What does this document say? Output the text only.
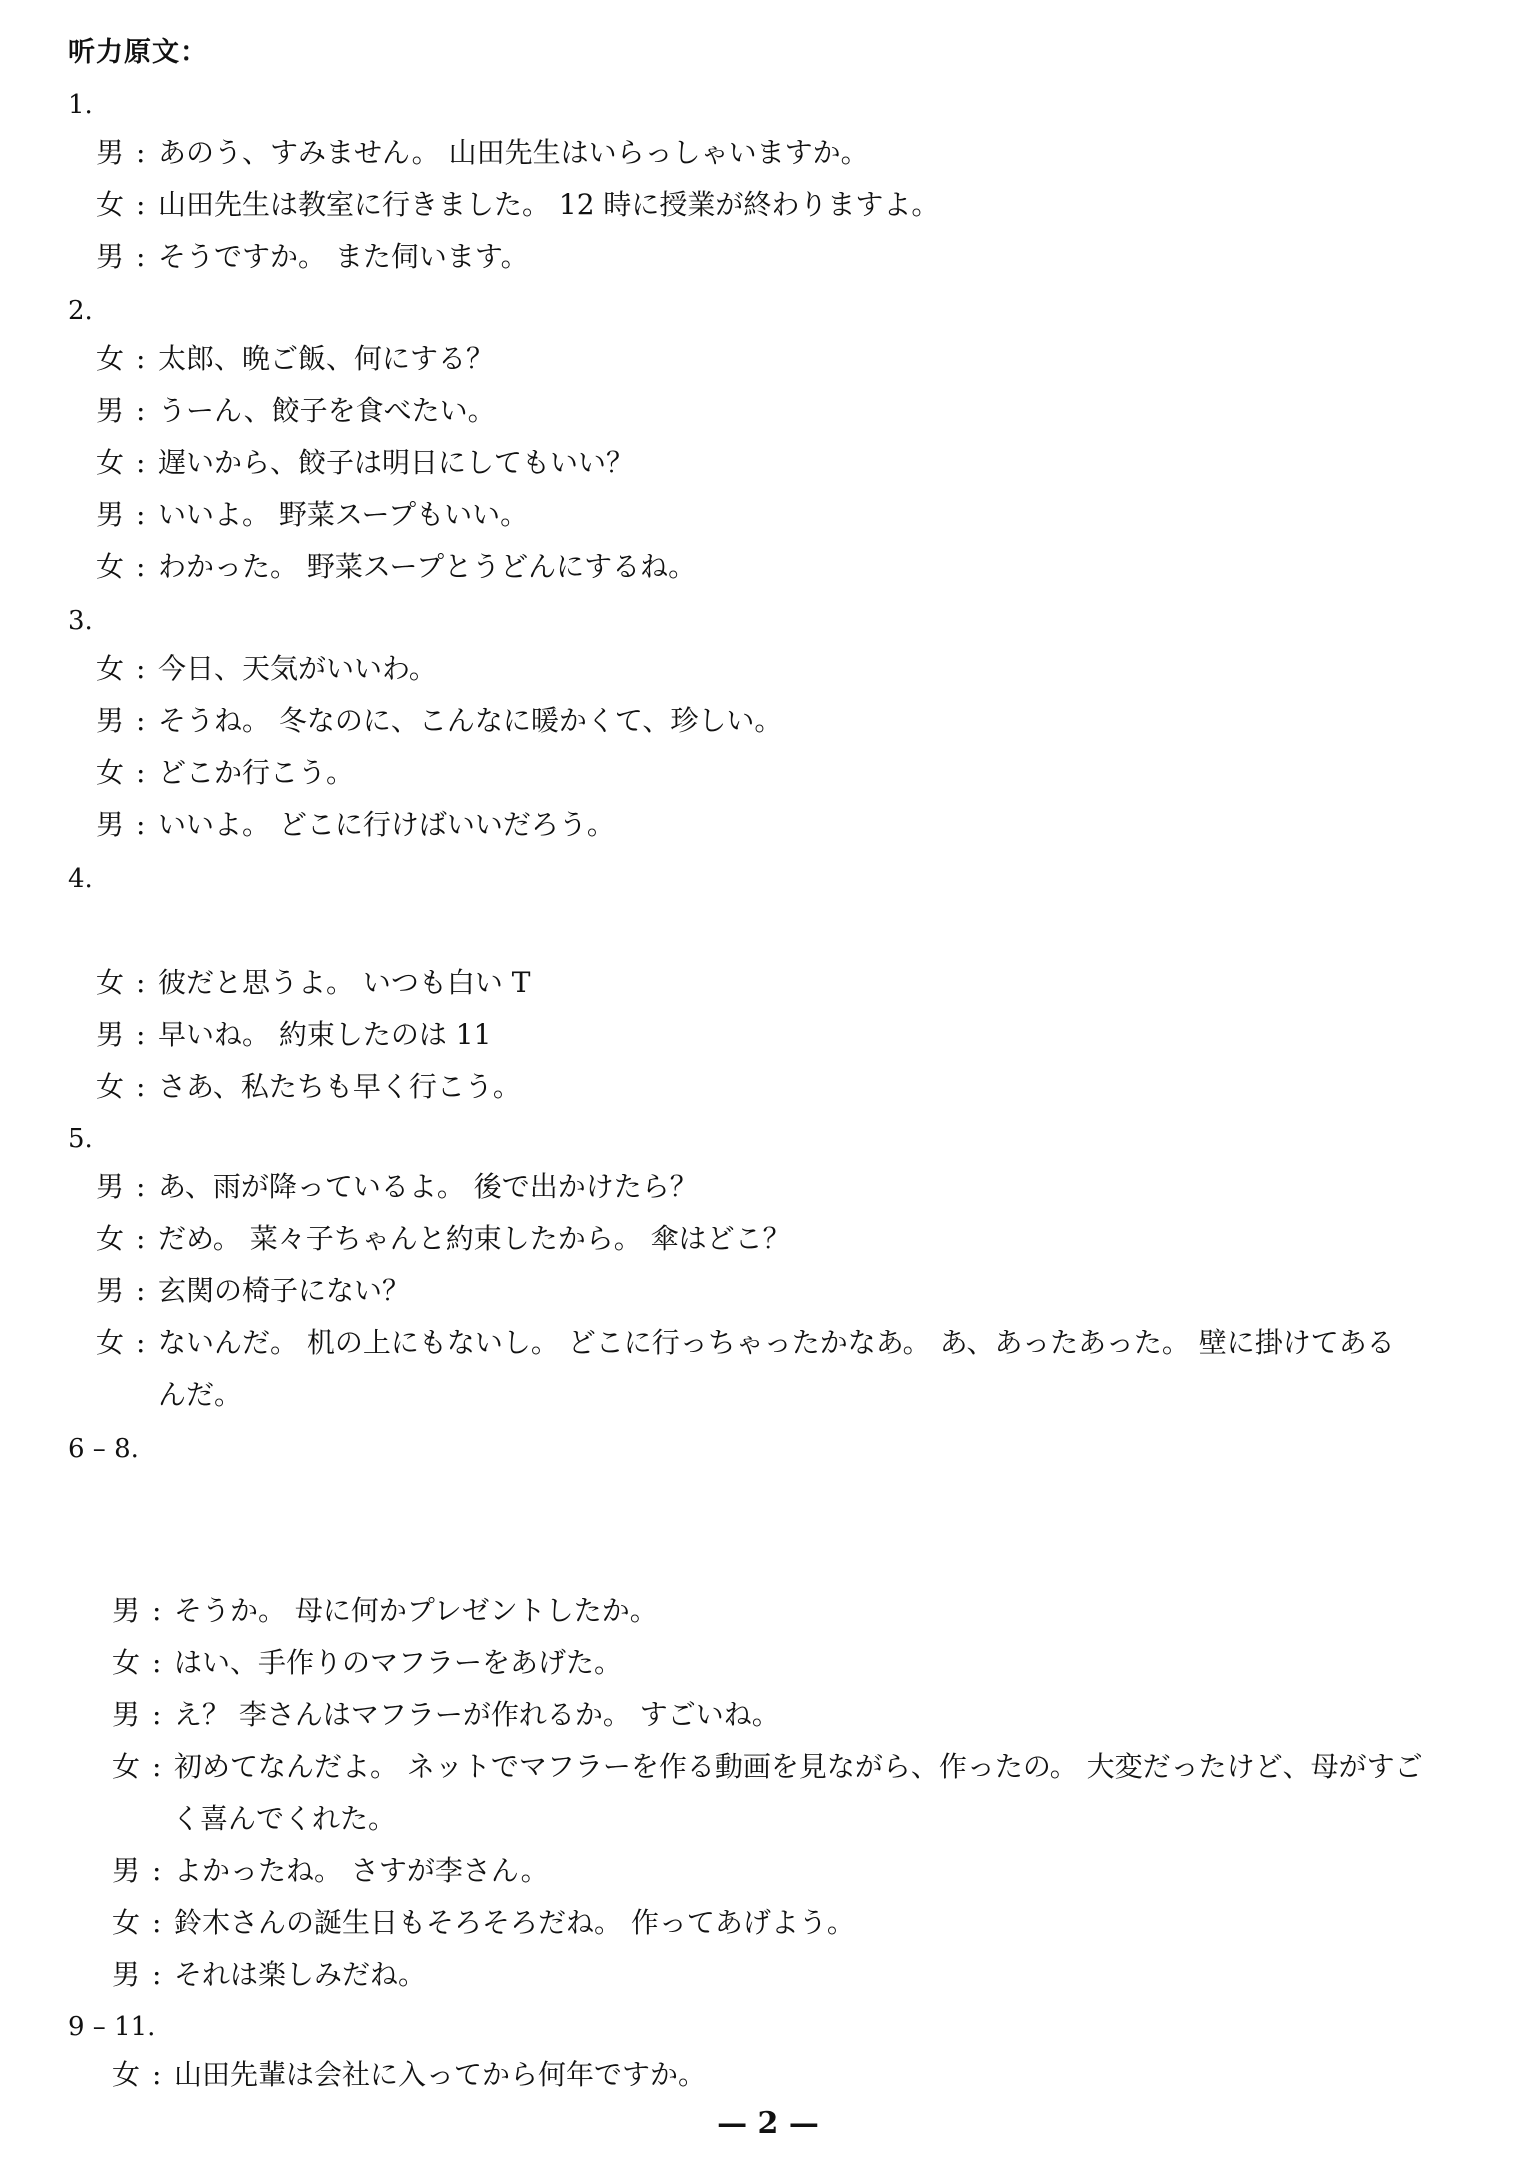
听力原文：
1.
男 : あのう、すみません。 山田先生はいらっしゃいますか。
女 : 山田先生は教室に行きました。 12 時に授業が終わりますよ。
男 : そうですか。 また伺います。
2.
女 : 太郎、晩ご飯、何にする？
男 : うーん、餃子を食べたい。
女 : 遅いから、餃子は明日にしてもいい？
男 : いいよ。 野菜スープもいい。
女 : わかった。 野菜スープとうどんにするね。
3.
女 : 今日、天気がいいわ。
男 : そうね。 冬なのに、こんなに暖かくて、珍しい。
女 : どこか行こう。
男 : いいよ。 どこに行けばいいだろう。
4.
女 : 彼だと思うよ。 いつも白い T
男 : 早いね。 約束したのは 11
女 : さあ、私たちも早く行こう。
5.
男 : あ、雨が降っているよ。 後で出かけたら？
女 : だめ。 菜々子ちゃんと約束したから。 傘はどこ？
男 : 玄関の椅子にない？
女 : ないんだ。 机の上にもないし。 どこに行っちゃったかなあ。 あ、あったあった。 壁に掛けてある
んだ。
6 – 8.
男 : そうか。 母に何かプレゼントしたか。
女 : はい、手作りのマフラーをあげた。
男 : え？ 李さんはマフラーが作れるか。 すごいね。
女 : 初めてなんだよ。 ネットでマフラーを作る動画を見ながら、作ったの。 大変だったけど、母がすご
く喜んでくれた。
男 : よかったね。 さすが李さん。
女 : 鈴木さんの誕生日もそろそろだね。 作ってあげよう。
男 : それは楽しみだね。
9 – 11.
女 : 山田先輩は会社に入ってから何年ですか。
— 2 —
